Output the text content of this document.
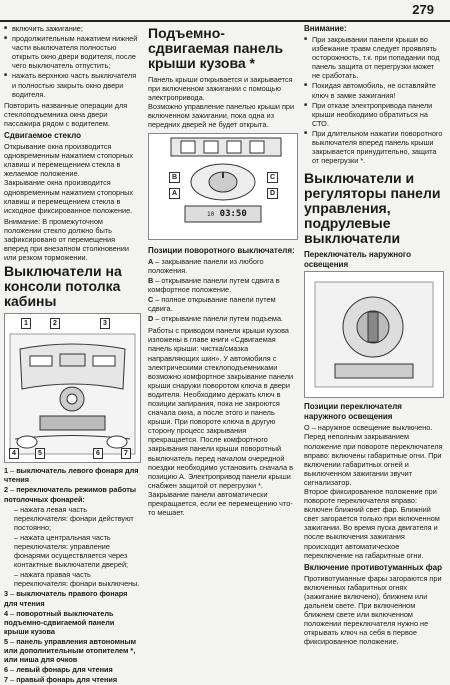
279
■ включить зажигание;
■ продолжительным нажатием нижней части выключателя полностью открыть окно двери водителя, после чего выключатель отпустить;
■ нажать верхнюю часть выключателя и полностью закрыть окно двери водителя.

Повторить названные операции для стеклоподъемника окна двери пассажира рядом с водителем.

Сдвигаемое стекло

Открывание окна производится одновременным нажатием стопорных клавиш и перемещением стекла в желаемое положение.

Закрывание окна производится одновременным нажатием стопорных клавиш и перемещением стекла в исходное фиксированное положение.

Внимание: В промежуточном положении стекло должно быть зафиксировано от перемещения вперед при внезапном столкновении или резком торможении.

Выключатели на консоли потолка кабины
1	2	3
4	5	6	7
1 – выключатель левого фонаря для чтения
2 – переключатель режимов работы потолочных фонарей:
– нажата левая часть переключателя: фонари действуют постоянно;
– нажата центральная часть переключателя: управление фонарями осуществляется через контактные выключатели дверей;
– нажата правая часть переключателя: фонари выключены.
3 – выключатель правого фонаря для чтения
4 – поворотный выключатель подъемно-сдвигаемой панели крыши кузова
5 – панель управления автономным или дополнительным отопителем *, или ниша для очков
6 – левый фонарь для чтения
7 – правый фонарь для чтения
Подъемно-сдвигаемая панель крыши кузова *

Панель крыши открывается и закрывается при включенном зажигании с помощью электропривода.

Возможно управление панелью крыши при включенном зажигании, пока одна из передних дверей не будет открыта.

B
A
C
D
10 03:50
Позиции поворотного выключателя:
A – закрывание панели из любого положения.
B – открывание панели путем сдвига в комфортное положение.
C – полное открывание панели путем сдвига.
D – открывание панели путем подъема.

Работы с приводом панели крыши кузова изложены в главе книги «Сдвигаемая панель крыши: чистка/смазка направляющих шин». У автомобиля с электрическими стеклоподъемниками возможно комфортное закрывание панели крыши снаружи поворотом ключа в двери водителя. Необходимо держать ключ в позиции запирания, пока не закроются сначала окна, а после этого и панель крыши. При повороте ключа в другую сторону процесс закрывания прекращается. После комфортного закрывания панели крыши поворотный выключатель перед началом очередной поездки необходимо установить сначала в позицию А. Электропривод панели крыши снабжен защитой от перегрузки *. Закрывание панели автоматически прекращается, если ее перемещению что-то мешает.

Внимание:
■ При закрывании панели крыши во избежание травм следует проявлять осторожность, т.к. при попадании под панель защита от перегрузки может не сработать.
■ Покидая автомобиль, не оставляйте ключ в замке зажигания!
■ При отказе электропривода панели крыши необходимо обратиться на СТО.
■ При длительном нажатии поворотного выключателя вперед панель крыши закрывается принудительно, защита от перегрузки *.
Выключатели и регуляторы панели управления, подрулевые выключатели
Переключатель наружного освещения
Позиции переключателя наружного освещения

О – наружное освещение выключено. Перед неполным закрыванием положение при повороте переключателя вправо: включены габаритные огни. При включении габаритных огней и выключенном зажигании звучит сигнализатор.

Второе фиксированное положение при повороте переключателя вправо: включен ближний свет фар. Ближний свет загорается только при включенном зажигании. Во время пуска двигателя и после выключения зажигания происходит автоматическое переключение на габаритные огни.

Включение противотуманных фар

Противотуманные фары загораются при включенных габаритных огнях (зажигание включено), ближнем или дальнем свете. При включенном ближнем свете или включенном положении переключателя нужно не открывать ключ на себя в первое фиксированное положение.
